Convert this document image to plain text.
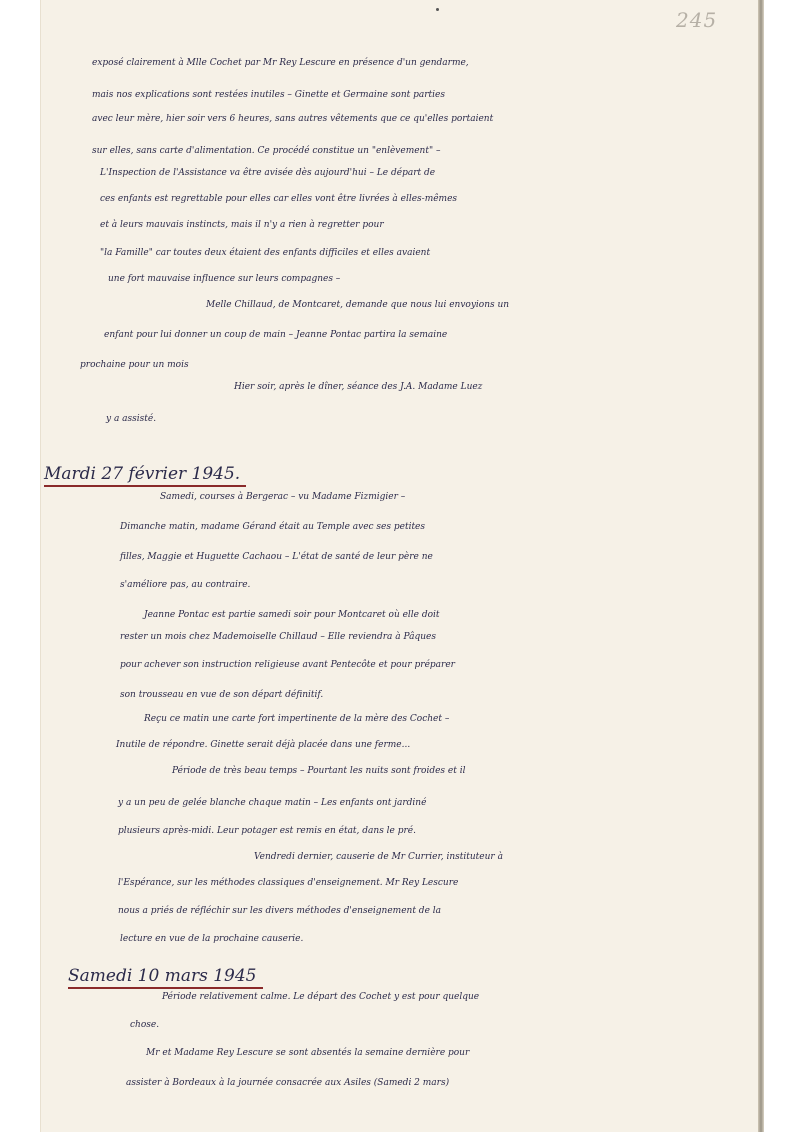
245
exposé clairement à Mlle Cochet par Mr Rey Lescure en présence d'un gendarme,
mais nos explications sont restées inutiles – Ginette et Germaine sont parties
avec leur mère, hier soir vers 6 heures, sans autres vêtements que ce qu'elles portaient
sur elles, sans carte d'alimentation. Ce procédé constitue un "enlèvement" –
L'Inspection de l'Assistance va être avisée dès aujourd'hui – Le départ de
ces enfants est regrettable pour elles car elles vont être livrées à elles-mêmes
et à leurs mauvais instincts, mais il n'y a rien à regretter pour
"la Famille" car toutes deux étaient des enfants difficiles et elles avaient
une fort mauvaise influence sur leurs compagnes –
Melle Chillaud, de Montcaret, demande que nous lui envoyions un
enfant pour lui donner un coup de main – Jeanne Pontac partira la semaine
prochaine pour un mois
Hier soir, après le dîner, séance des J.A. Madame Luez
y a assisté.
Mardi 27 février 1945.
Samedi, courses à Bergerac – vu Madame Fizmigier –
Dimanche matin, madame Gérand était au Temple avec ses petites
filles, Maggie et Huguette Cachaou – L'état de santé de leur père ne
s'améliore pas, au contraire.
Jeanne Pontac est partie samedi soir pour Montcaret où elle doit
rester un mois chez Mademoiselle Chillaud – Elle reviendra à Pâques
pour achever son instruction religieuse avant Pentecôte et pour préparer
son trousseau en vue de son départ définitif.
Reçu ce matin une carte fort impertinente de la mère des Cochet –
Inutile de répondre. Ginette serait déjà placée dans une ferme...
Période de très beau temps – Pourtant les nuits sont froides et il
y a un peu de gelée blanche chaque matin – Les enfants ont jardiné
plusieurs après-midi. Leur potager est remis en état, dans le pré.
Vendredi dernier, causerie de Mr Currier, instituteur à
l'Espérance, sur les méthodes classiques d'enseignement. Mr Rey Lescure
nous a priés de réfléchir sur les divers méthodes d'enseignement de la
lecture en vue de la prochaine causerie.
Samedi 10 mars 1945
Période relativement calme. Le départ des Cochet y est pour quelque
chose.
Mr et Madame Rey Lescure se sont absentés la semaine dernière pour
assister à Bordeaux à la journée consacrée aux Asiles (Samedi 2 mars)
